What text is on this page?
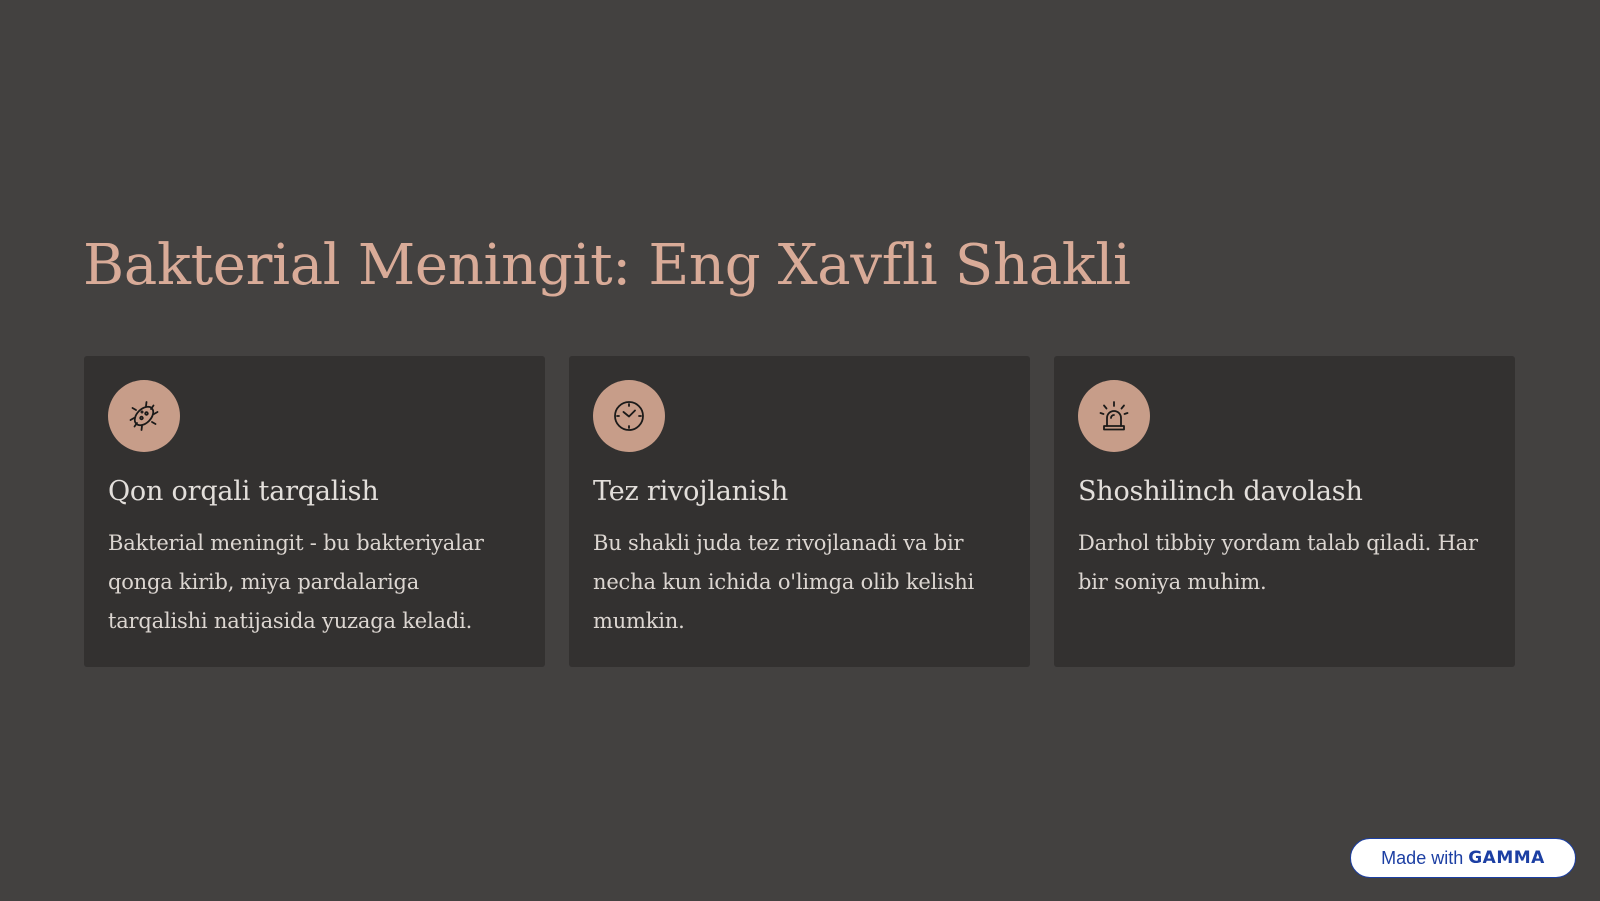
Bakterial Meningit: Eng Xavfli Shakli
Qon orqali tarqalish

Bakterial meningit - bu bakteriyalar qonga kirib, miya pardalariga tarqalishi natijasida yuzaga keladi.

Tez rivojlanish

Bu shakli juda tez rivojlanadi va bir necha kun ichida o'limga olib kelishi mumkin.

Shoshilinch davolash

Darhol tibbiy yordam talab qiladi. Har bir soniya muhim.

Made with GAMMA
